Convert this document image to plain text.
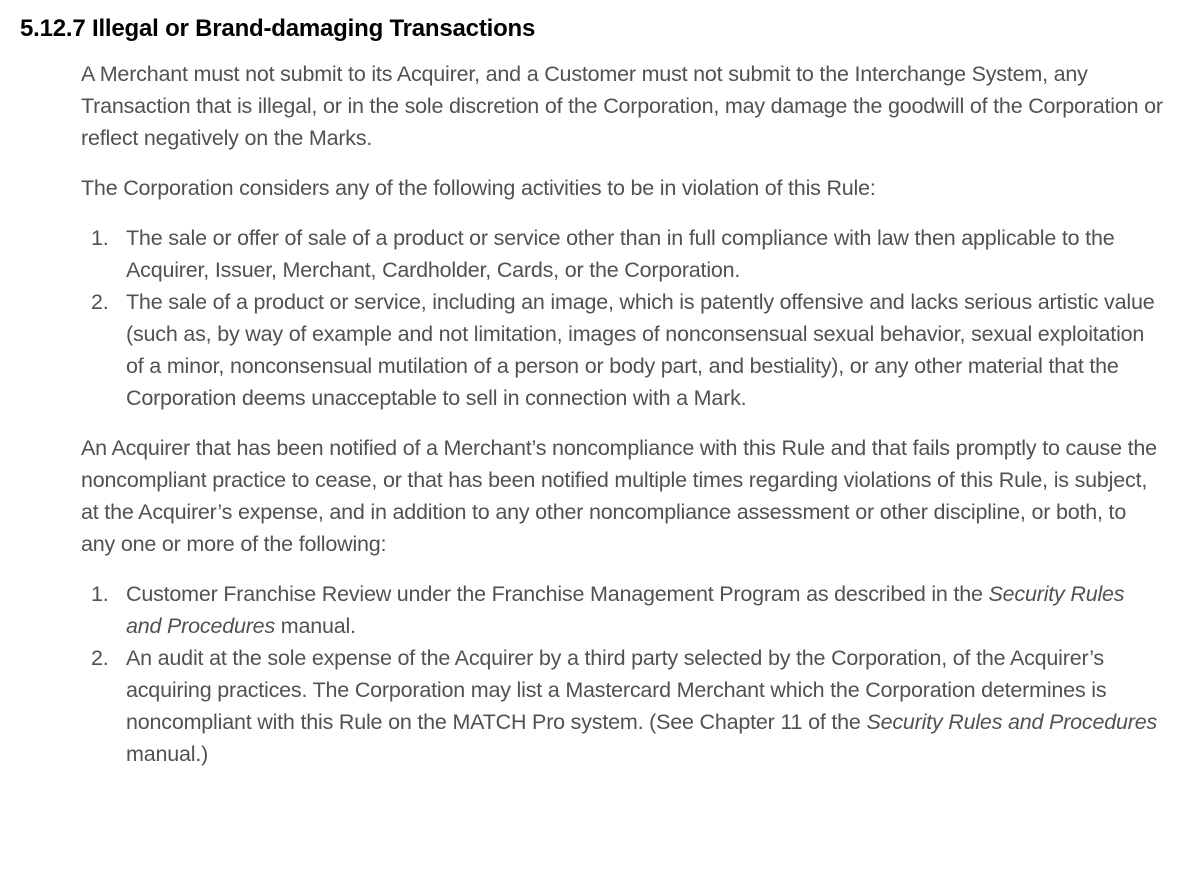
5.12.7 Illegal or Brand-damaging Transactions

A Merchant must not submit to its Acquirer, and a Customer must not submit to the Interchange System, any Transaction that is illegal, or in the sole discretion of the Corporation, may damage the goodwill of the Corporation or reflect negatively on the Marks.

The Corporation considers any of the following activities to be in violation of this Rule:

1. The sale or offer of sale of a product or service other than in full compliance with law then applicable to the Acquirer, Issuer, Merchant, Cardholder, Cards, or the Corporation.
2. The sale of a product or service, including an image, which is patently offensive and lacks serious artistic value (such as, by way of example and not limitation, images of nonconsensual sexual behavior, sexual exploitation of a minor, nonconsensual mutilation of a person or body part, and bestiality), or any other material that the Corporation deems unacceptable to sell in connection with a Mark.

An Acquirer that has been notified of a Merchant’s noncompliance with this Rule and that fails promptly to cause the noncompliant practice to cease, or that has been notified multiple times regarding violations of this Rule, is subject, at the Acquirer’s expense, and in addition to any other noncompliance assessment or other discipline, or both, to any one or more of the following:

1. Customer Franchise Review under the Franchise Management Program as described in the Security Rules and Procedures manual.
2. An audit at the sole expense of the Acquirer by a third party selected by the Corporation, of the Acquirer’s acquiring practices. The Corporation may list a Mastercard Merchant which the Corporation determines is noncompliant with this Rule on the MATCH Pro system. (See Chapter 11 of the Security Rules and Procedures manual.)
